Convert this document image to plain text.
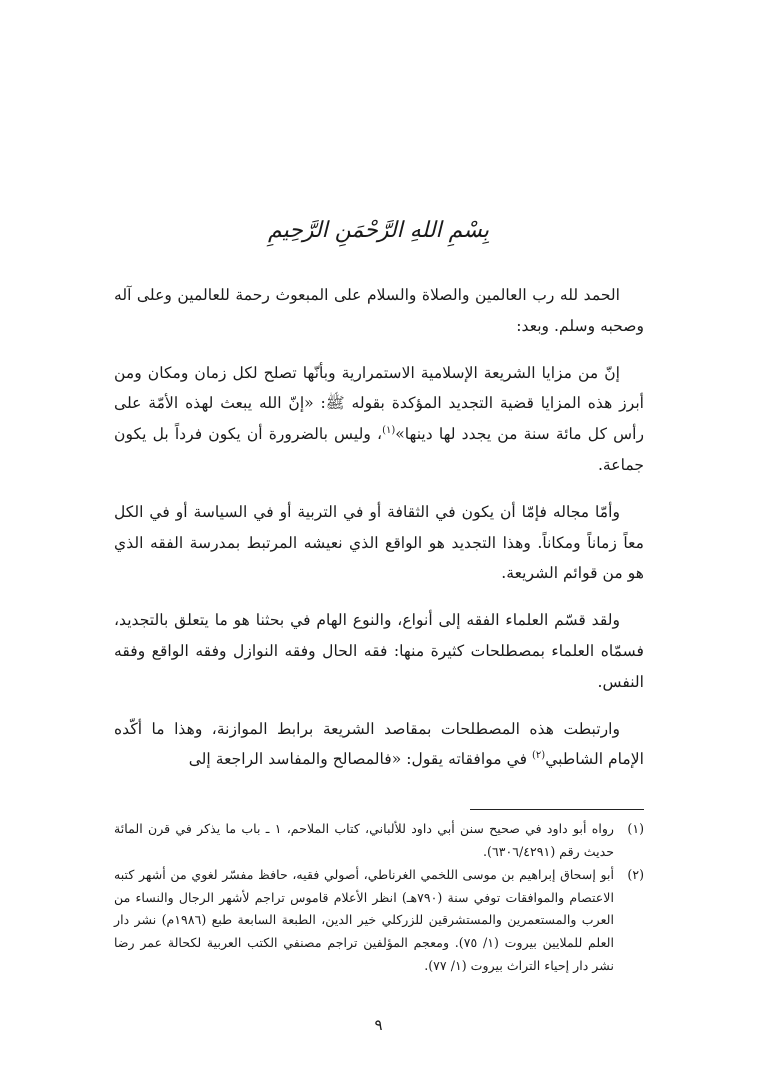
بِسْمِ اللهِ الرَّحْمَنِ الرَّحِيمِ

الحمد لله رب العالمين والصلاة والسلام على المبعوث رحمة للعالمين وعلى آله وصحبه وسلم. وبعد:

إنّ من مزايا الشريعة الإسلامية الاستمرارية وبأنّها تصلح لكل زمان ومكان ومن أبرز هذه المزايا قضية التجديد المؤكدة بقوله ﷺ: «إنّ الله يبعث لهذه الأمّة على رأس كل مائة سنة من يجدد لها دينها»$^{(١)}$، وليس بالضرورة أن يكون فرداً بل يكون جماعة.

وأمّا مجاله فإمّا أن يكون في الثقافة أو في التربية أو في السياسة أو في الكل معاً زماناً ومكاناً. وهذا التجديد هو الواقع الذي نعيشه المرتبط بمدرسة الفقه الذي هو من قوائم الشريعة.

ولقد قسّم العلماء الفقه إلى أنواع، والنوع الهام في بحثنا هو ما يتعلق بالتجديد، فسمّاه العلماء بمصطلحات كثيرة منها: فقه الحال وفقه النوازل وفقه الواقع وفقه النفس.

وارتبطت هذه المصطلحات بمقاصد الشريعة برابط الموازنة، وهذا ما أكّده الإمام الشاطبي$^{(٢)}$ في موافقاته يقول: «فالمصالح والمفاسد الراجعة إلى

(١)
رواه أبو داود في صحيح سنن أبي داود للألباني، كتاب الملاحم، ١ ـ باب ما يذكر في قرن المائة حديث رقم (٦٣٠٦/٤٢٩١).
(٢)
أبو إسحاق إبراهيم بن موسى اللخمي الغرناطي، أصولي فقيه، حافظ مفسّر لغوي من أشهر كتبه الاعتصام والموافقات توفي سنة (٧٩٠هـ) انظر الأعلام قاموس تراجم لأشهر الرجال والنساء من العرب والمستعمرين والمستشرقين للزركلي خير الدين، الطبعة السابعة طبع (١٩٨٦م) نشر دار العلم للملايين بيروت (١/ ٧٥). ومعجم المؤلفين تراجم مصنفي الكتب العربية لكحالة عمر رضا نشر دار إحياء التراث بيروت (١/ ٧٧).
٩
